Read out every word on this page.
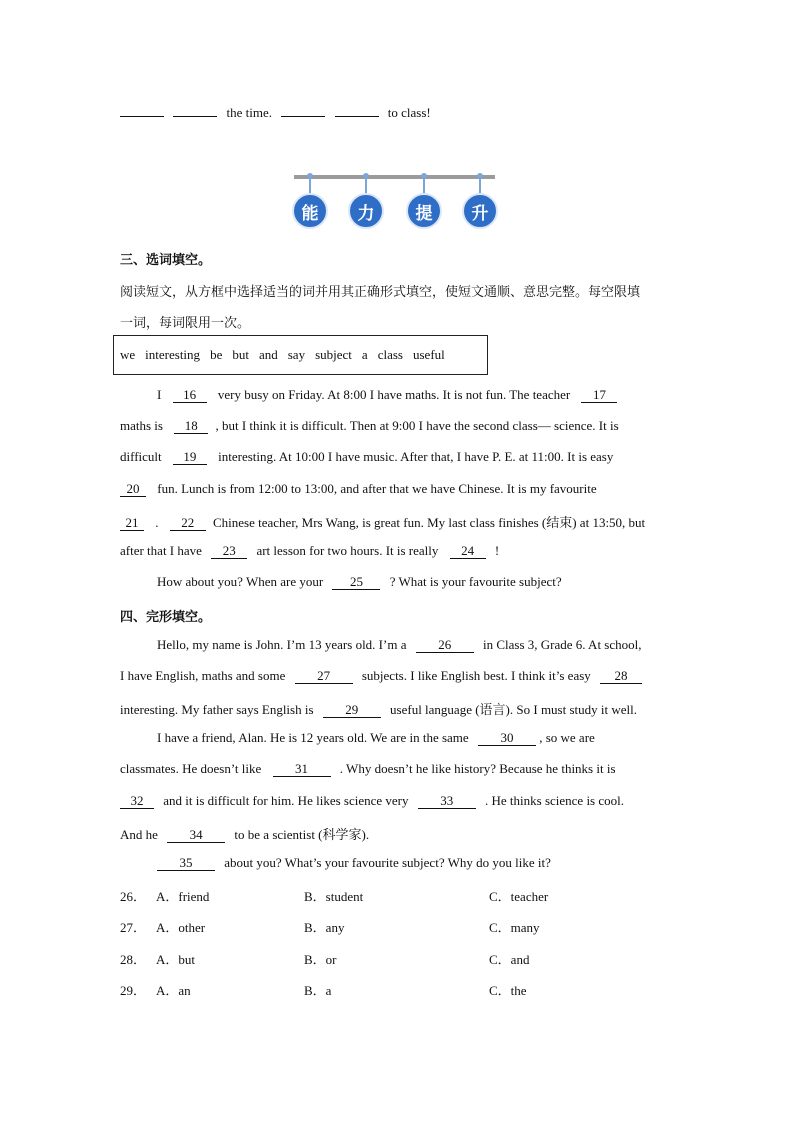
the time.	to class!
能	力	提	升
三、选词填空。
阅读短文，从方框中选择适当的词并用其正确形式填空，使短文通顺、意思完整。每空限填
一词，每词限用一次。
we interesting be but and say subject a class useful
I 16 very busy on Friday. At 8:00 I have maths. It is not fun. The teacher 17
maths is 18 , but I think it is difficult. Then at 9:00 I have the second class— science. It is
difficult 19 interesting. At 10:00 I have music. After that, I have P. E. at 11:00. It is easy
20 fun. Lunch is from 12:00 to 13:00, and after that we have Chinese. It is my favourite
21 . 22 Chinese teacher, Mrs Wang, is great fun. My last class finishes (结束) at 13:50, but
after that I have 23 art lesson for two hours. It is really 24 !
How about you? When are your 25 ? What is your favourite subject?
四、完形填空。
Hello, my name is John. I’m 13 years old. I’m a 26 in Class 3, Grade 6. At school,
I have English, maths and some 27 subjects. I like English best. I think it’s easy 28
interesting. My father says English is 29 useful language (语言). So I must study it well.
I have a friend, Alan. He is 12 years old. We are in the same 30 , so we are
classmates. He doesn’t like	31 . Why doesn’t he like history? Because he thinks it is
32 and it is difficult for him. He likes science very 33 . He thinks science is cool.
And he 34 to be a scientist (科学家).
35 about you? What’s your favourite subject? Why do you like it?
26． A．friend	B．student	C．teacher
27． A．other	B．any	C．many
28． A．but	B．or	C．and
29． A．an	B．a	C．the
